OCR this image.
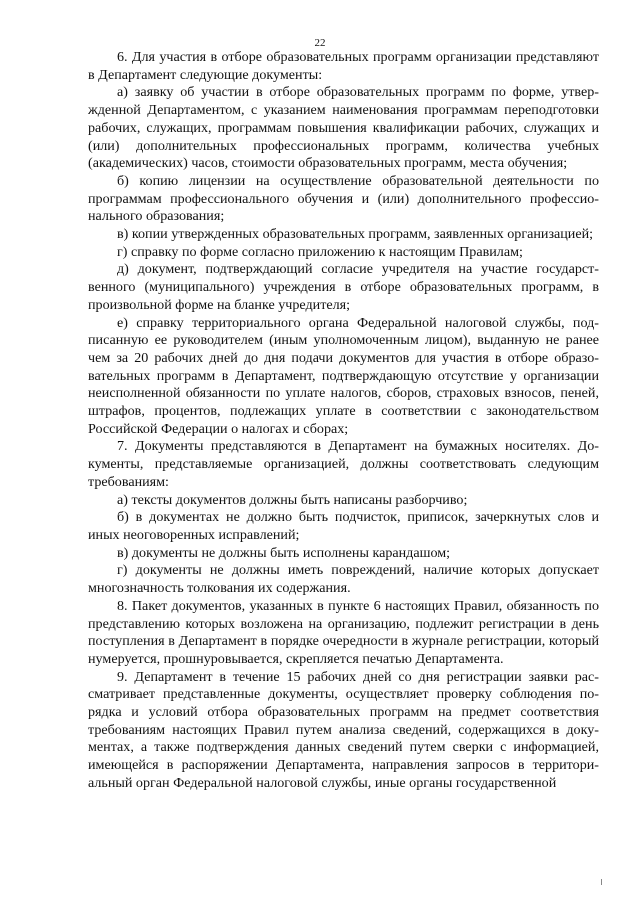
22

6. Для участия в отборе образовательных программ организации представляют в Департамент следующие документы:

а) заявку об участии в отборе образовательных программ по форме, утвержденной Департаментом, с указанием наименования программам переподготовки рабочих, служащих, программам повышения квалификации рабочих, служащих и (или) дополнительных профессиональных программ, количества учебных (академических) часов, стоимости образовательных программ, места обучения;

б) копию лицензии на осуществление образовательной деятельности по программам профессионального обучения и (или) дополнительного профессионального образования;

в) копии утвержденных образовательных программ, заявленных организацией;

г) справку по форме согласно приложению к настоящим Правилам;

д) документ, подтверждающий согласие учредителя на участие государственного (муниципального) учреждения в отборе образовательных программ, в произвольной форме на бланке учредителя;

е) справку территориального органа Федеральной налоговой службы, подписанную ее руководителем (иным уполномоченным лицом), выданную не ранее чем за 20 рабочих дней до дня подачи документов для участия в отборе образовательных программ в Департамент, подтверждающую отсутствие у организации неисполненной обязанности по уплате налогов, сборов, страховых взносов, пеней, штрафов, процентов, подлежащих уплате в соответствии с законодательством Российской Федерации о налогах и сборах;

7. Документы представляются в Департамент на бумажных носителях. Документы, представляемые организацией, должны соответствовать следующим требованиям:

а) тексты документов должны быть написаны разборчиво;

б) в документах не должно быть подчисток, приписок, зачеркнутых слов и иных неоговоренных исправлений;

в) документы не должны быть исполнены карандашом;

г) документы не должны иметь повреждений, наличие которых допускает многозначность толкования их содержания.

8. Пакет документов, указанных в пункте 6 настоящих Правил, обязанность по представлению которых возложена на организацию, подлежит регистрации в день поступления в Департамент в порядке очередности в журнале регистрации, который нумеруется, прошнуровывается, скрепляется печатью Департамента.

9. Департамент в течение 15 рабочих дней со дня регистрации заявки рассматривает представленные документы, осуществляет проверку соблюдения порядка и условий отбора образовательных программ на предмет соответствия требованиям настоящих Правил путем анализа сведений, содержащихся в документах, а также подтверждения данных сведений путем сверки с информацией, имеющейся в распоряжении Департамента, направления запросов в территориальный орган Федеральной налоговой службы, иные органы государственной
